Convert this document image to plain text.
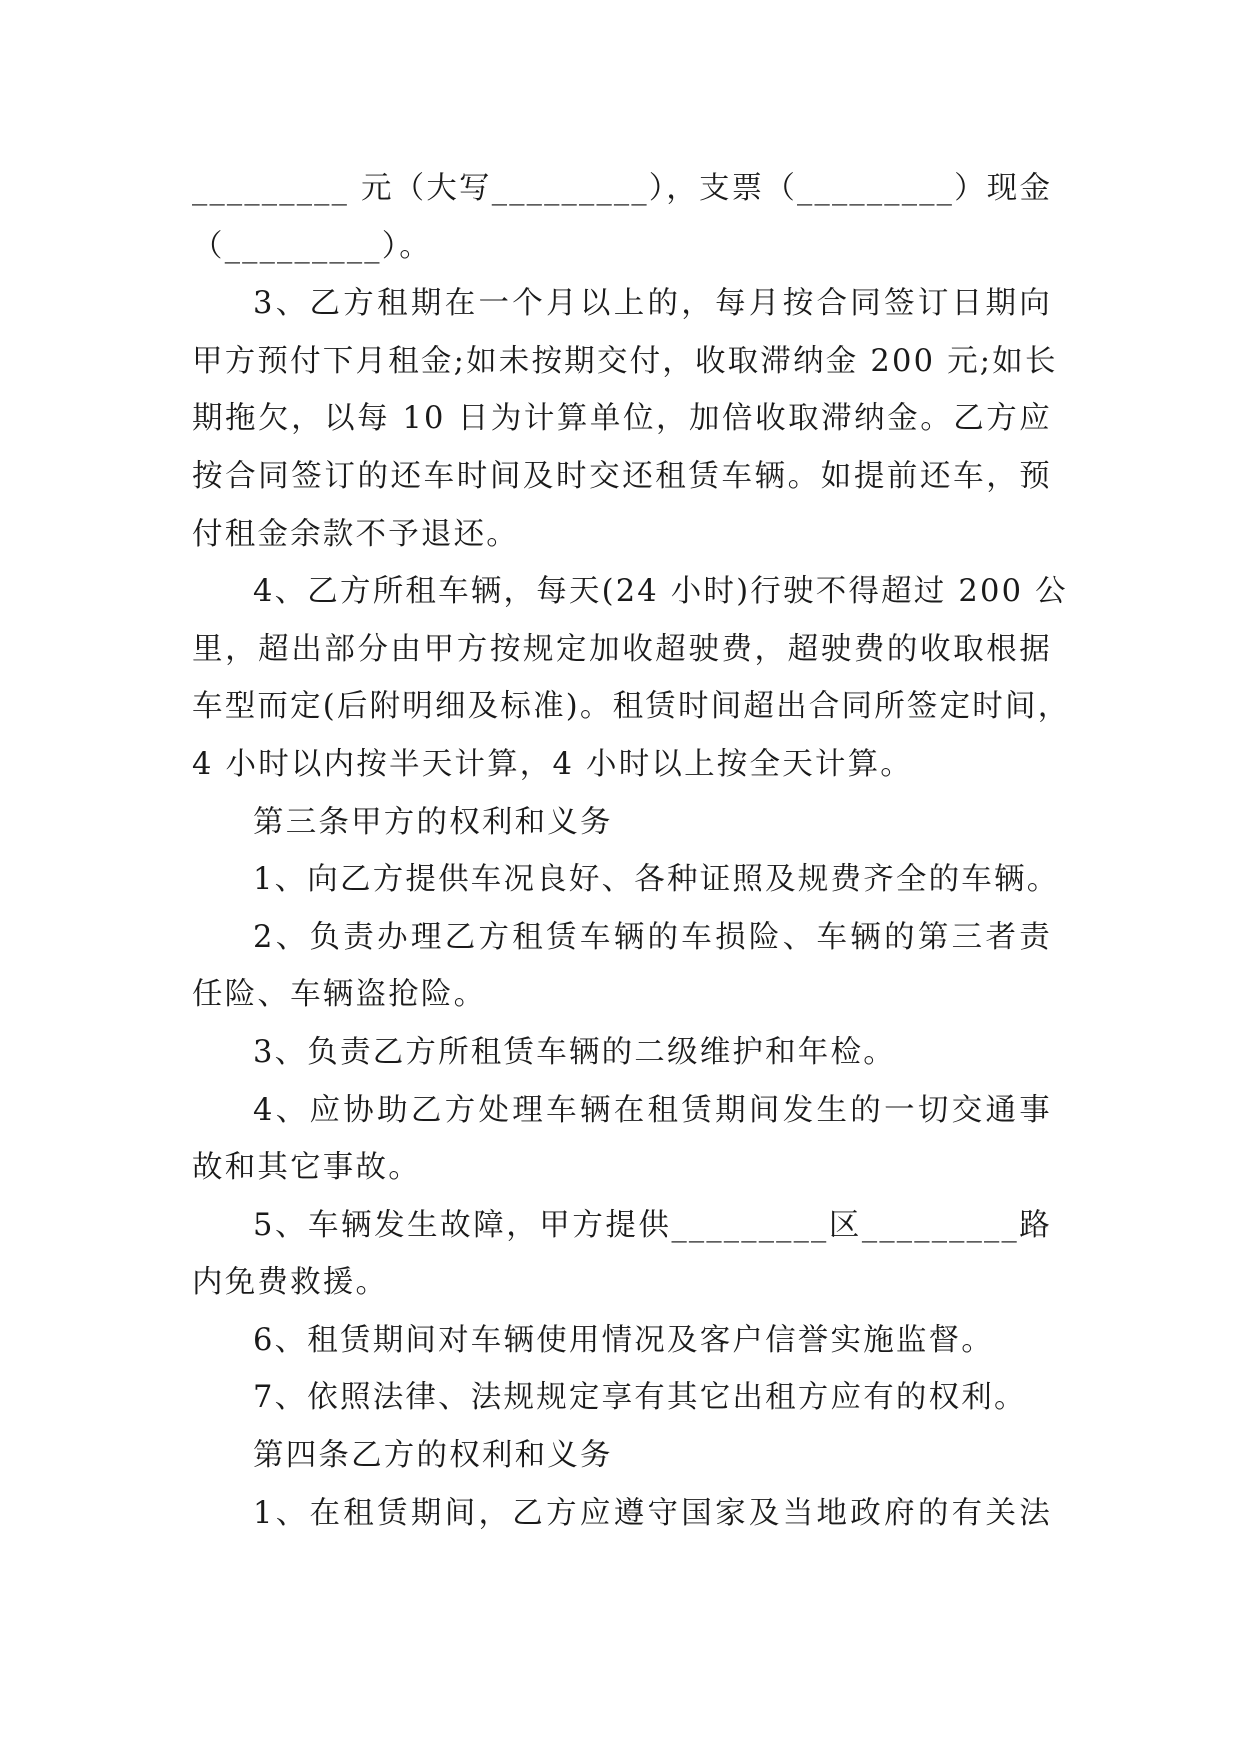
_________ 元（大写_________），支票（_________）现金
（_________）。
3、乙方租期在一个月以上的，每月按合同签订日期向
甲方预付下月租金;如未按期交付，收取滞纳金 200 元;如长
期拖欠，以每 10 日为计算单位，加倍收取滞纳金。乙方应
按合同签订的还车时间及时交还租赁车辆。如提前还车，预
付租金余款不予退还。
4、乙方所租车辆，每天(24 小时)行驶不得超过 200 公
里，超出部分由甲方按规定加收超驶费，超驶费的收取根据
车型而定(后附明细及标准)。租赁时间超出合同所签定时间，
4 小时以内按半天计算，4 小时以上按全天计算。
第三条甲方的权利和义务
1、向乙方提供车况良好、各种证照及规费齐全的车辆。
2、负责办理乙方租赁车辆的车损险、车辆的第三者责
任险、车辆盗抢险。
3、负责乙方所租赁车辆的二级维护和年检。
4、应协助乙方处理车辆在租赁期间发生的一切交通事
故和其它事故。
5、车辆发生故障，甲方提供_________区_________路
内免费救援。
6、租赁期间对车辆使用情况及客户信誉实施监督。
7、依照法律、法规规定享有其它出租方应有的权利。
第四条乙方的权利和义务
1、在租赁期间，乙方应遵守国家及当地政府的有关法
